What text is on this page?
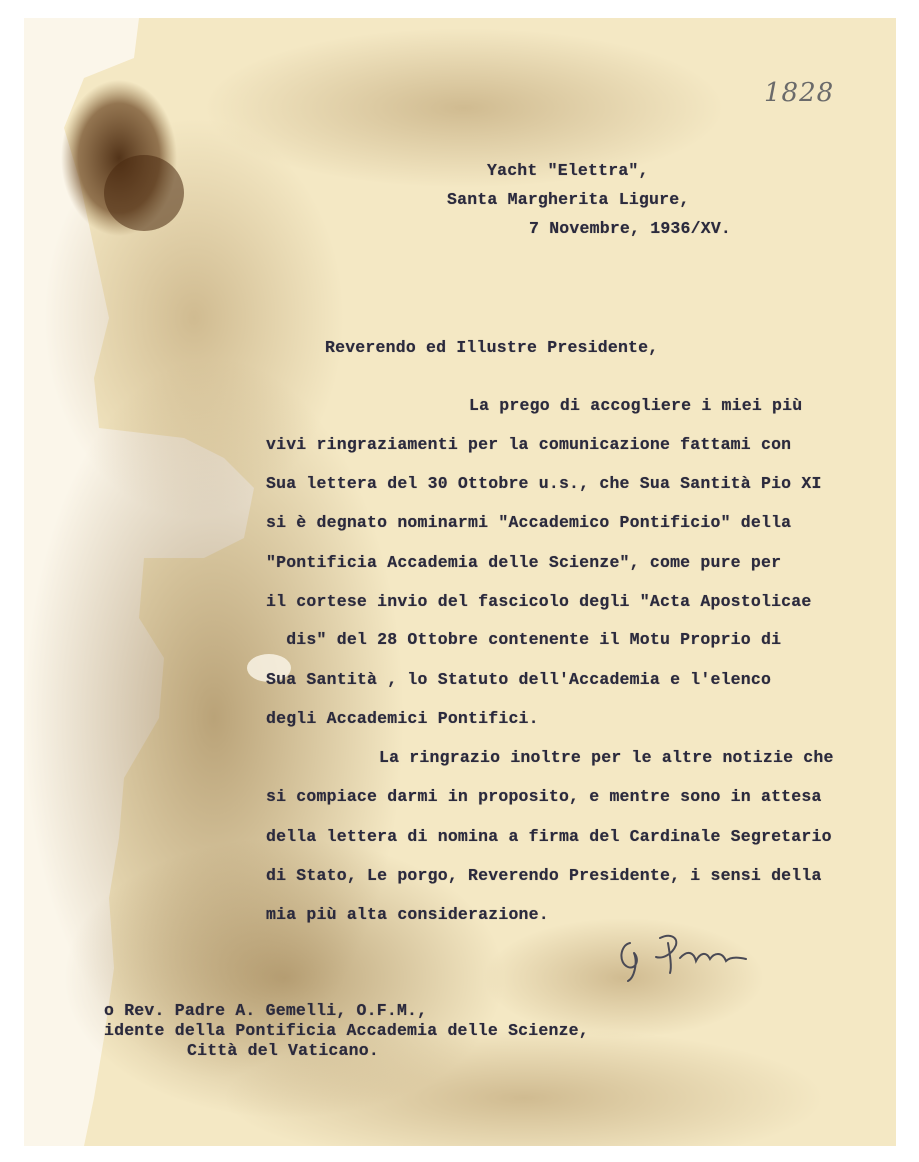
1828
Yacht "Elettra",
Santa Margherita Ligure,
7 Novembre, 1936/XV.
Reverendo ed Illustre Presidente,
La prego di accogliere i miei più
vivi ringraziamenti per la comunicazione fattami con
Sua lettera del 30 Ottobre u.s., che Sua Santità Pio XI
si è degnato nominarmi "Accademico Pontificio" della
"Pontificia Accademia delle Scienze", come pure per
il cortese invio del fascicolo degli "Acta Apostolicae
dis" del 28 Ottobre contenente il Motu Proprio di
Sua Santità , lo Statuto dell'Accademia e l'elenco
degli Accademici Pontifici.
La ringrazio inoltre per le altre notizie che
si compiace darmi in proposito, e mentre sono in attesa
della lettera di nomina a firma del Cardinale Segretario
di Stato, Le porgo, Reverendo Presidente, i sensi della
mia più alta considerazione.
o Rev. Padre A. Gemelli, O.F.M.,
idente della Pontificia Accademia delle Scienze,
Città del Vaticano.
